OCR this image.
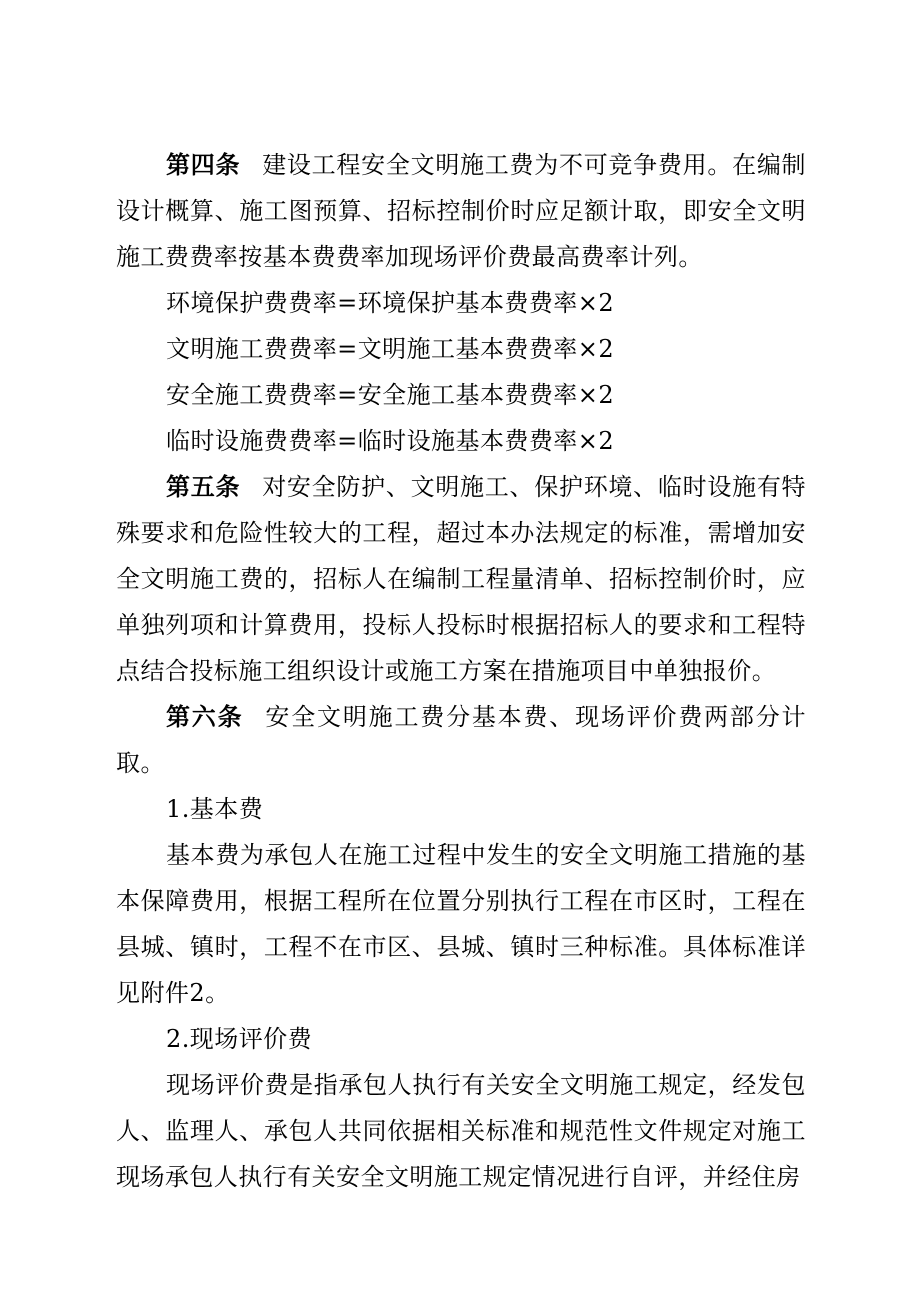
第四条 建设工程安全文明施工费为不可竞争费用。在编制设计概算、施工图预算、招标控制价时应足额计取，即安全文明施工费费率按基本费费率加现场评价费最高费率计列。

环境保护费费率=环境保护基本费费率×2

文明施工费费率=文明施工基本费费率×2

安全施工费费率=安全施工基本费费率×2

临时设施费费率=临时设施基本费费率×2

第五条 对安全防护、文明施工、保护环境、临时设施有特殊要求和危险性较大的工程，超过本办法规定的标准，需增加安全文明施工费的，招标人在编制工程量清单、招标控制价时，应单独列项和计算费用，投标人投标时根据招标人的要求和工程特点结合投标施工组织设计或施工方案在措施项目中单独报价。

第六条 安全文明施工费分基本费、现场评价费两部分计取。

1.基本费

基本费为承包人在施工过程中发生的安全文明施工措施的基本保障费用，根据工程所在位置分别执行工程在市区时，工程在县城、镇时，工程不在市区、县城、镇时三种标准。具体标准详见附件2。

2.现场评价费

现场评价费是指承包人执行有关安全文明施工规定，经发包人、监理人、承包人共同依据相关标准和规范性文件规定对施工现场承包人执行有关安全文明施工规定情况进行自评，并经住房
